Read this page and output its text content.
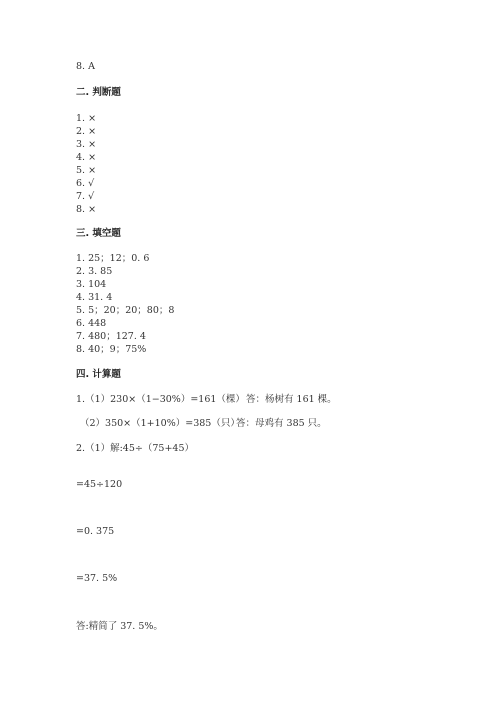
8. A
二. 判断题
1. ×
2. ×
3. ×
4. ×
5. ×
6. √
7. √
8. ×
三. 填空题
1. 25；12；0. 6
2. 3. 85
3. 104
4. 31. 4
5. 5；20；20；80；8
6. 448
7. 480；127. 4
8. 40；9；75%
四. 计算题
1.（1）230×（1−30%）=161（棵） 答：杨树有 161 棵。
（2）350×（1+10%）=385（只）
答：母鸡有 385 只。
2.（1）解:45÷（75+45）
=45÷120
=0. 375
=37. 5%
答:精简了 37. 5%。
